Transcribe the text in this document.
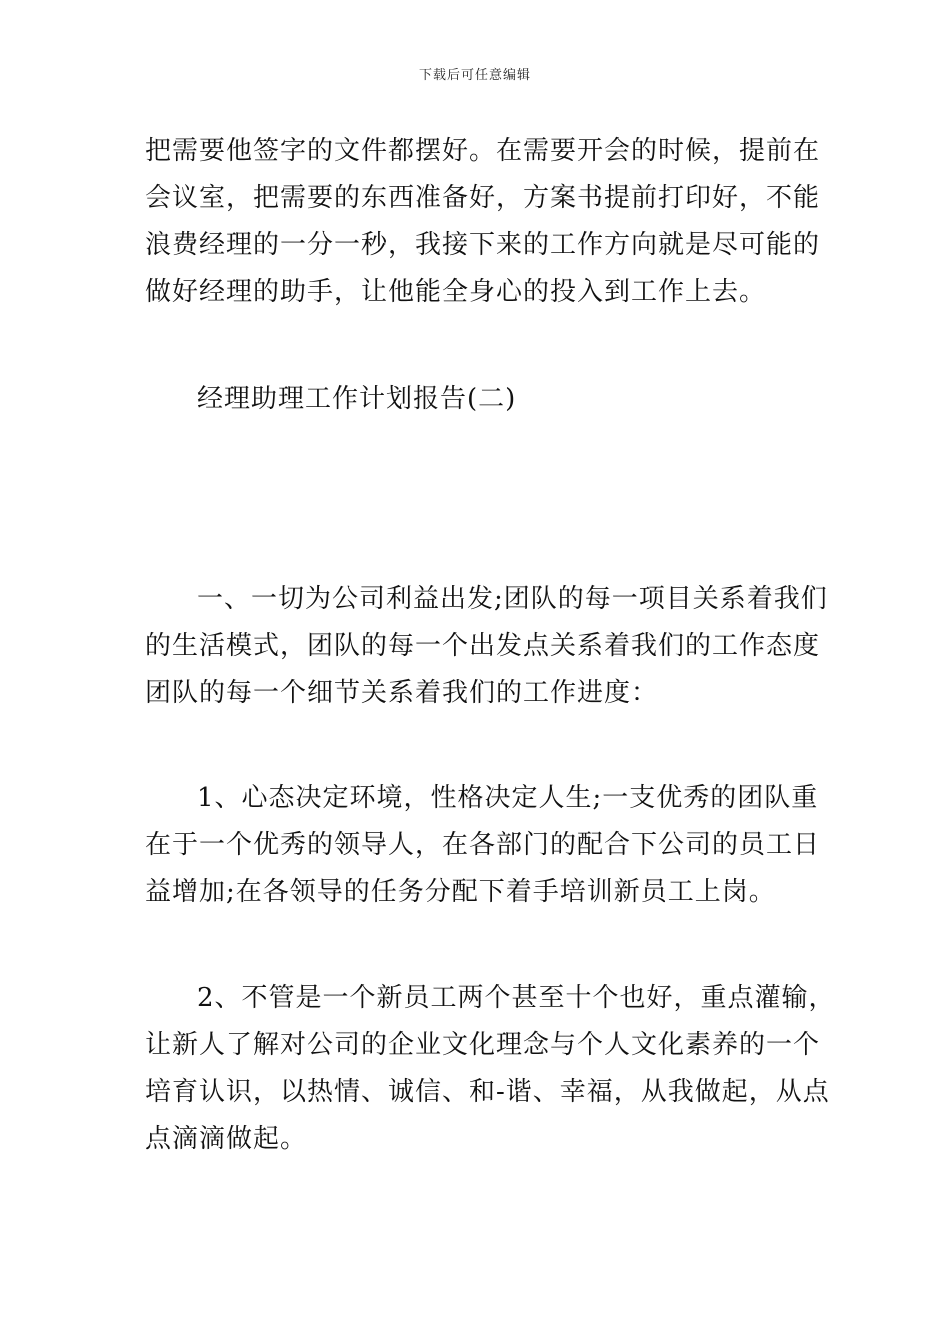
下载后可任意编辑
把需要他签字的文件都摆好。在需要开会的时候，提前在
会议室，把需要的东西准备好，方案书提前打印好，不能
浪费经理的一分一秒，我接下来的工作方向就是尽可能的
做好经理的助手，让他能全身心的投入到工作上去。
经理助理工作计划报告(二)
一、一切为公司利益出发;团队的每一项目关系着我们
的生活模式，团队的每一个出发点关系着我们的工作态度
团队的每一个细节关系着我们的工作进度：
1、心态决定环境，性格决定人生;一支优秀的团队重
在于一个优秀的领导人，在各部门的配合下公司的员工日
益增加;在各领导的任务分配下着手培训新员工上岗。
2、不管是一个新员工两个甚至十个也好，重点灌输，
让新人了解对公司的企业文化理念与个人文化素养的一个
培育认识，以热情、诚信、和-谐、幸福，从我做起，从点
点滴滴做起。
